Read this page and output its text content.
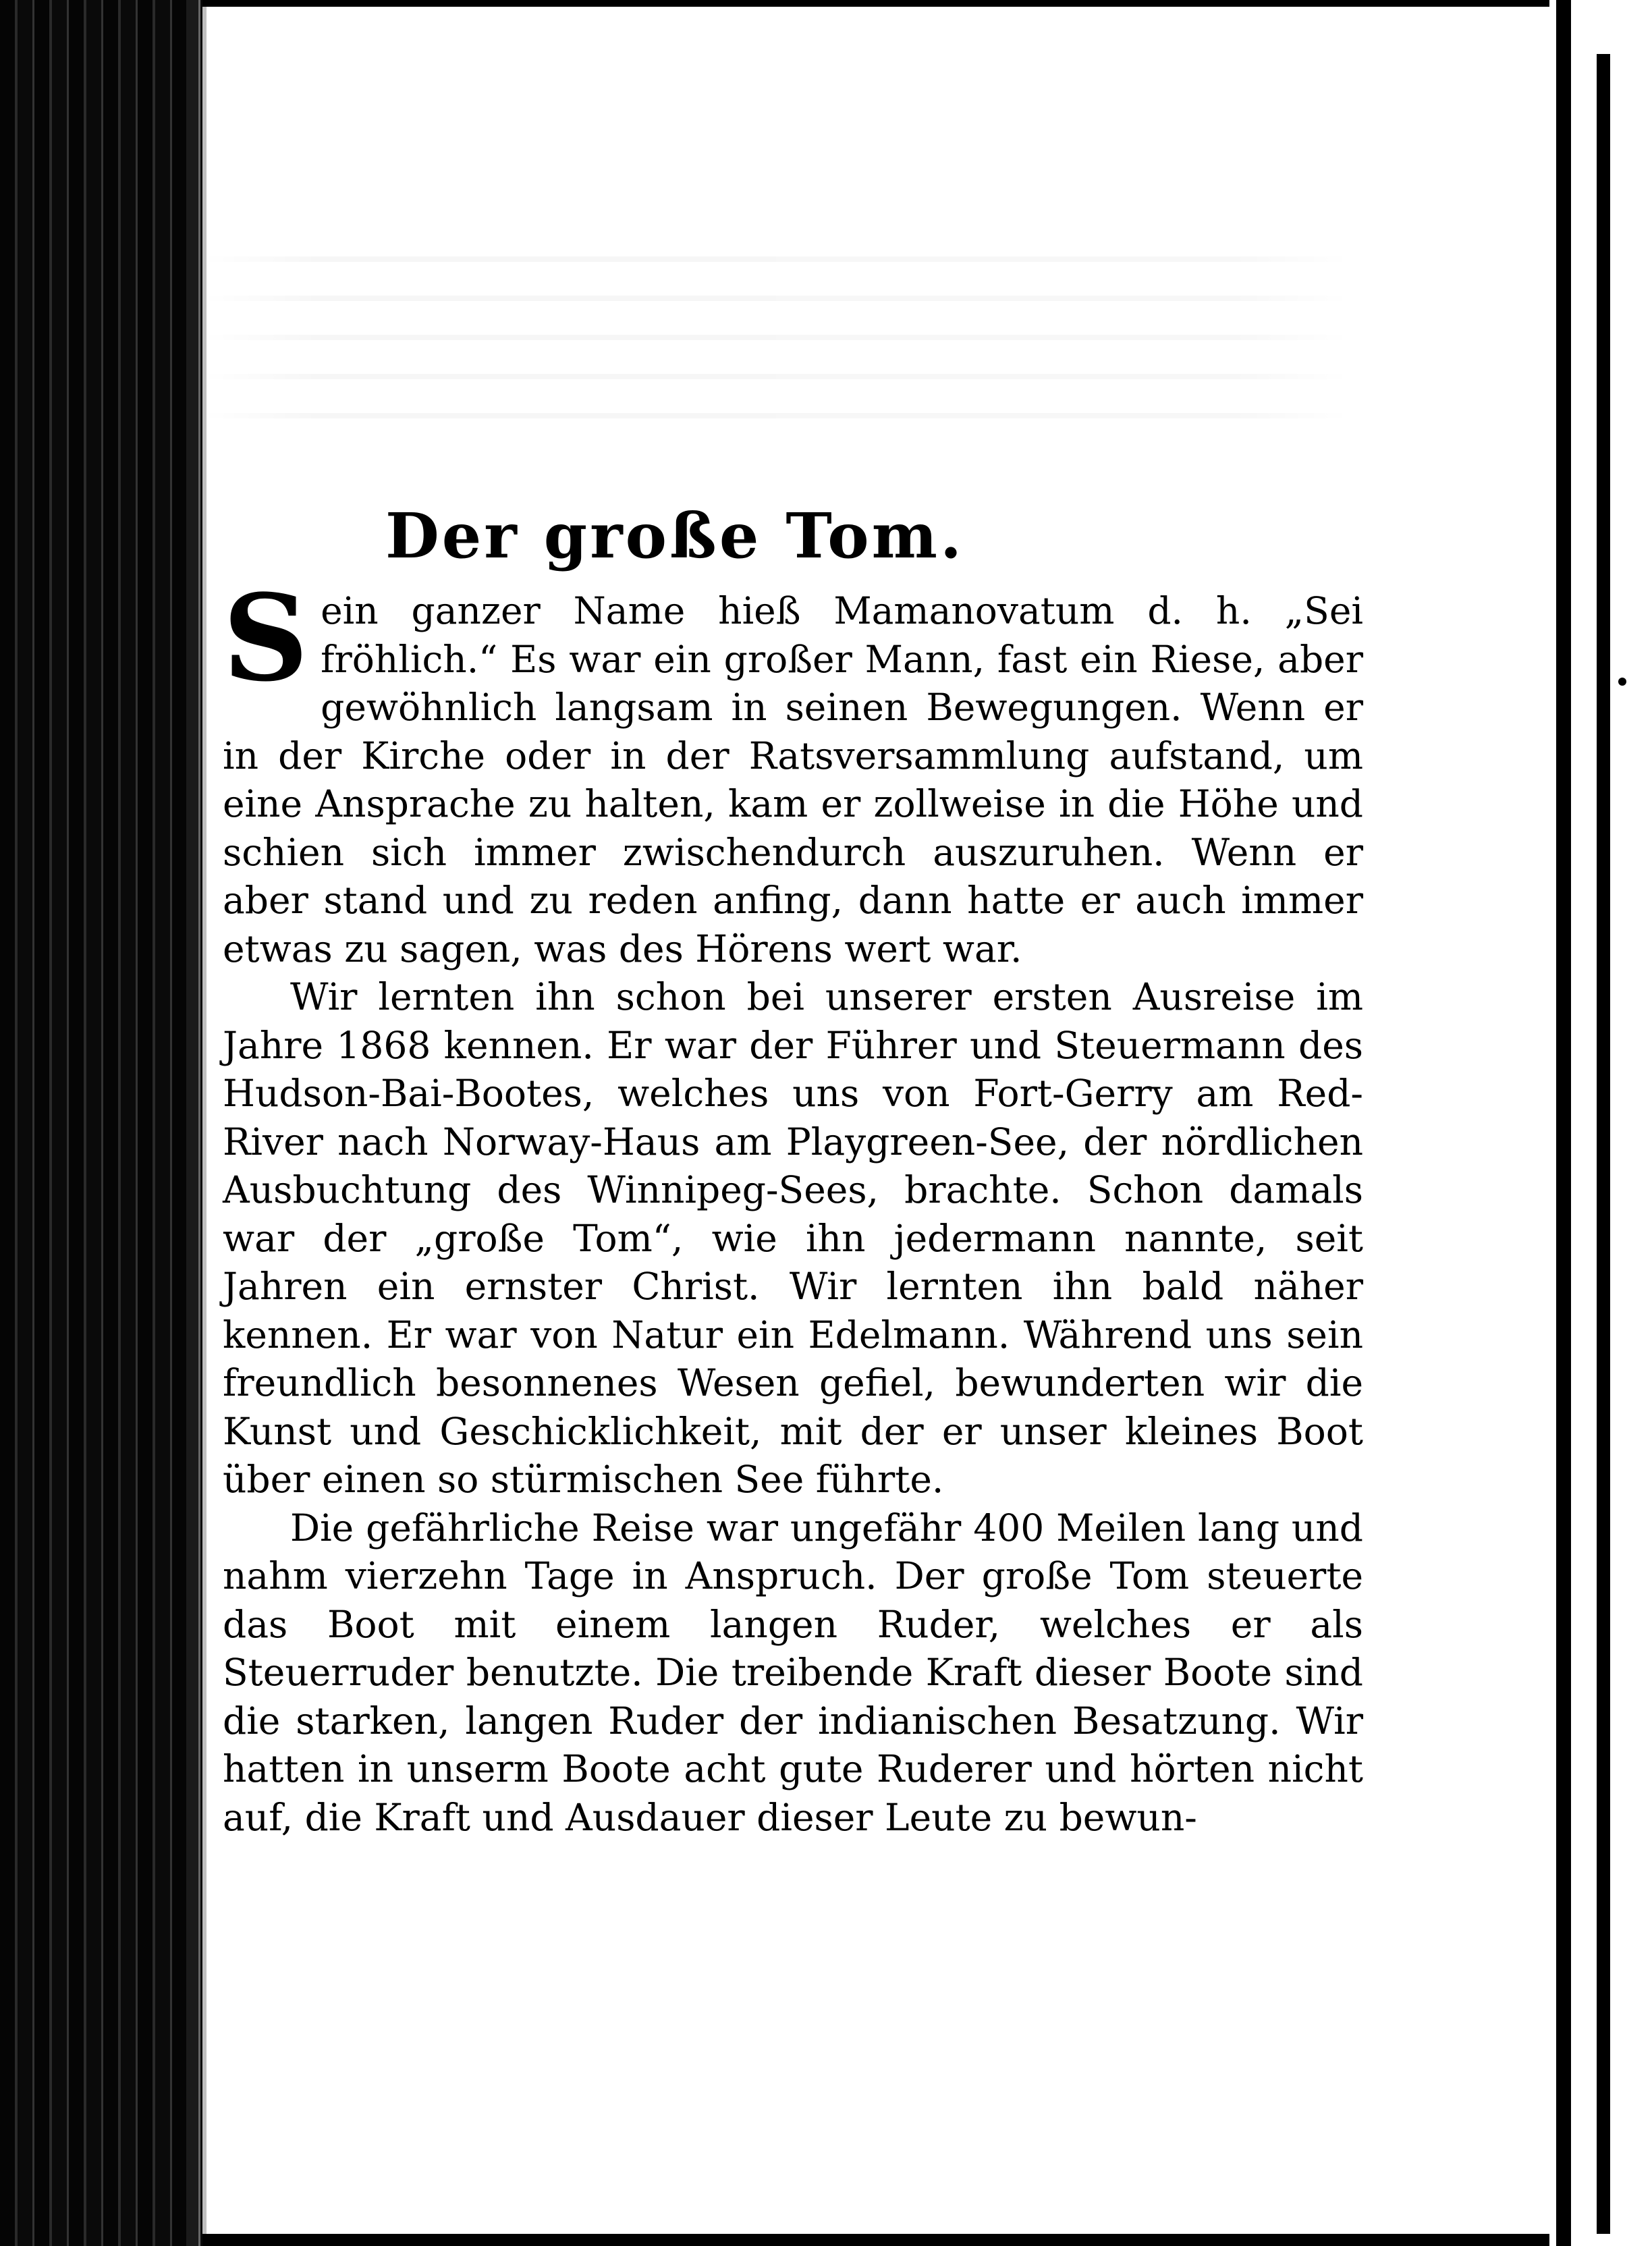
Der große Tom.

Sein ganzer Name hieß Mamanovatum d. h. „Sei fröhlich.“ Es war ein großer Mann, fast ein Riese, aber gewöhnlich langsam in seinen Bewegungen. Wenn er in der Kirche oder in der Ratsversammlung aufstand, um eine Ansprache zu halten, kam er zollweise in die Höhe und schien sich immer zwischendurch auszuruhen. Wenn er aber stand und zu reden anfing, dann hatte er auch immer etwas zu sagen, was des Hörens wert war.

Wir lernten ihn schon bei unserer ersten Ausreise im Jahre 1868 kennen. Er war der Führer und Steuermann des Hudson-Bai-Bootes, welches uns von Fort-Gerry am Red-River nach Norway-Haus am Playgreen-See, der nördlichen Ausbuchtung des Winnipeg-Sees, brachte. Schon damals war der „große Tom“, wie ihn jedermann nannte, seit Jahren ein ernster Christ. Wir lernten ihn bald näher kennen. Er war von Natur ein Edelmann. Während uns sein freundlich besonnenes Wesen gefiel, bewunderten wir die Kunst und Geschicklichkeit, mit der er unser kleines Boot über einen so stürmischen See führte.

Die gefährliche Reise war ungefähr 400 Meilen lang und nahm vierzehn Tage in Anspruch. Der große Tom steuerte das Boot mit einem langen Ruder, welches er als Steuerruder benutzte. Die treibende Kraft dieser Boote sind die starken, langen Ruder der indianischen Besatzung. Wir hatten in unserm Boote acht gute Ruderer und hörten nicht auf, die Kraft und Ausdauer dieser Leute zu bewun-
